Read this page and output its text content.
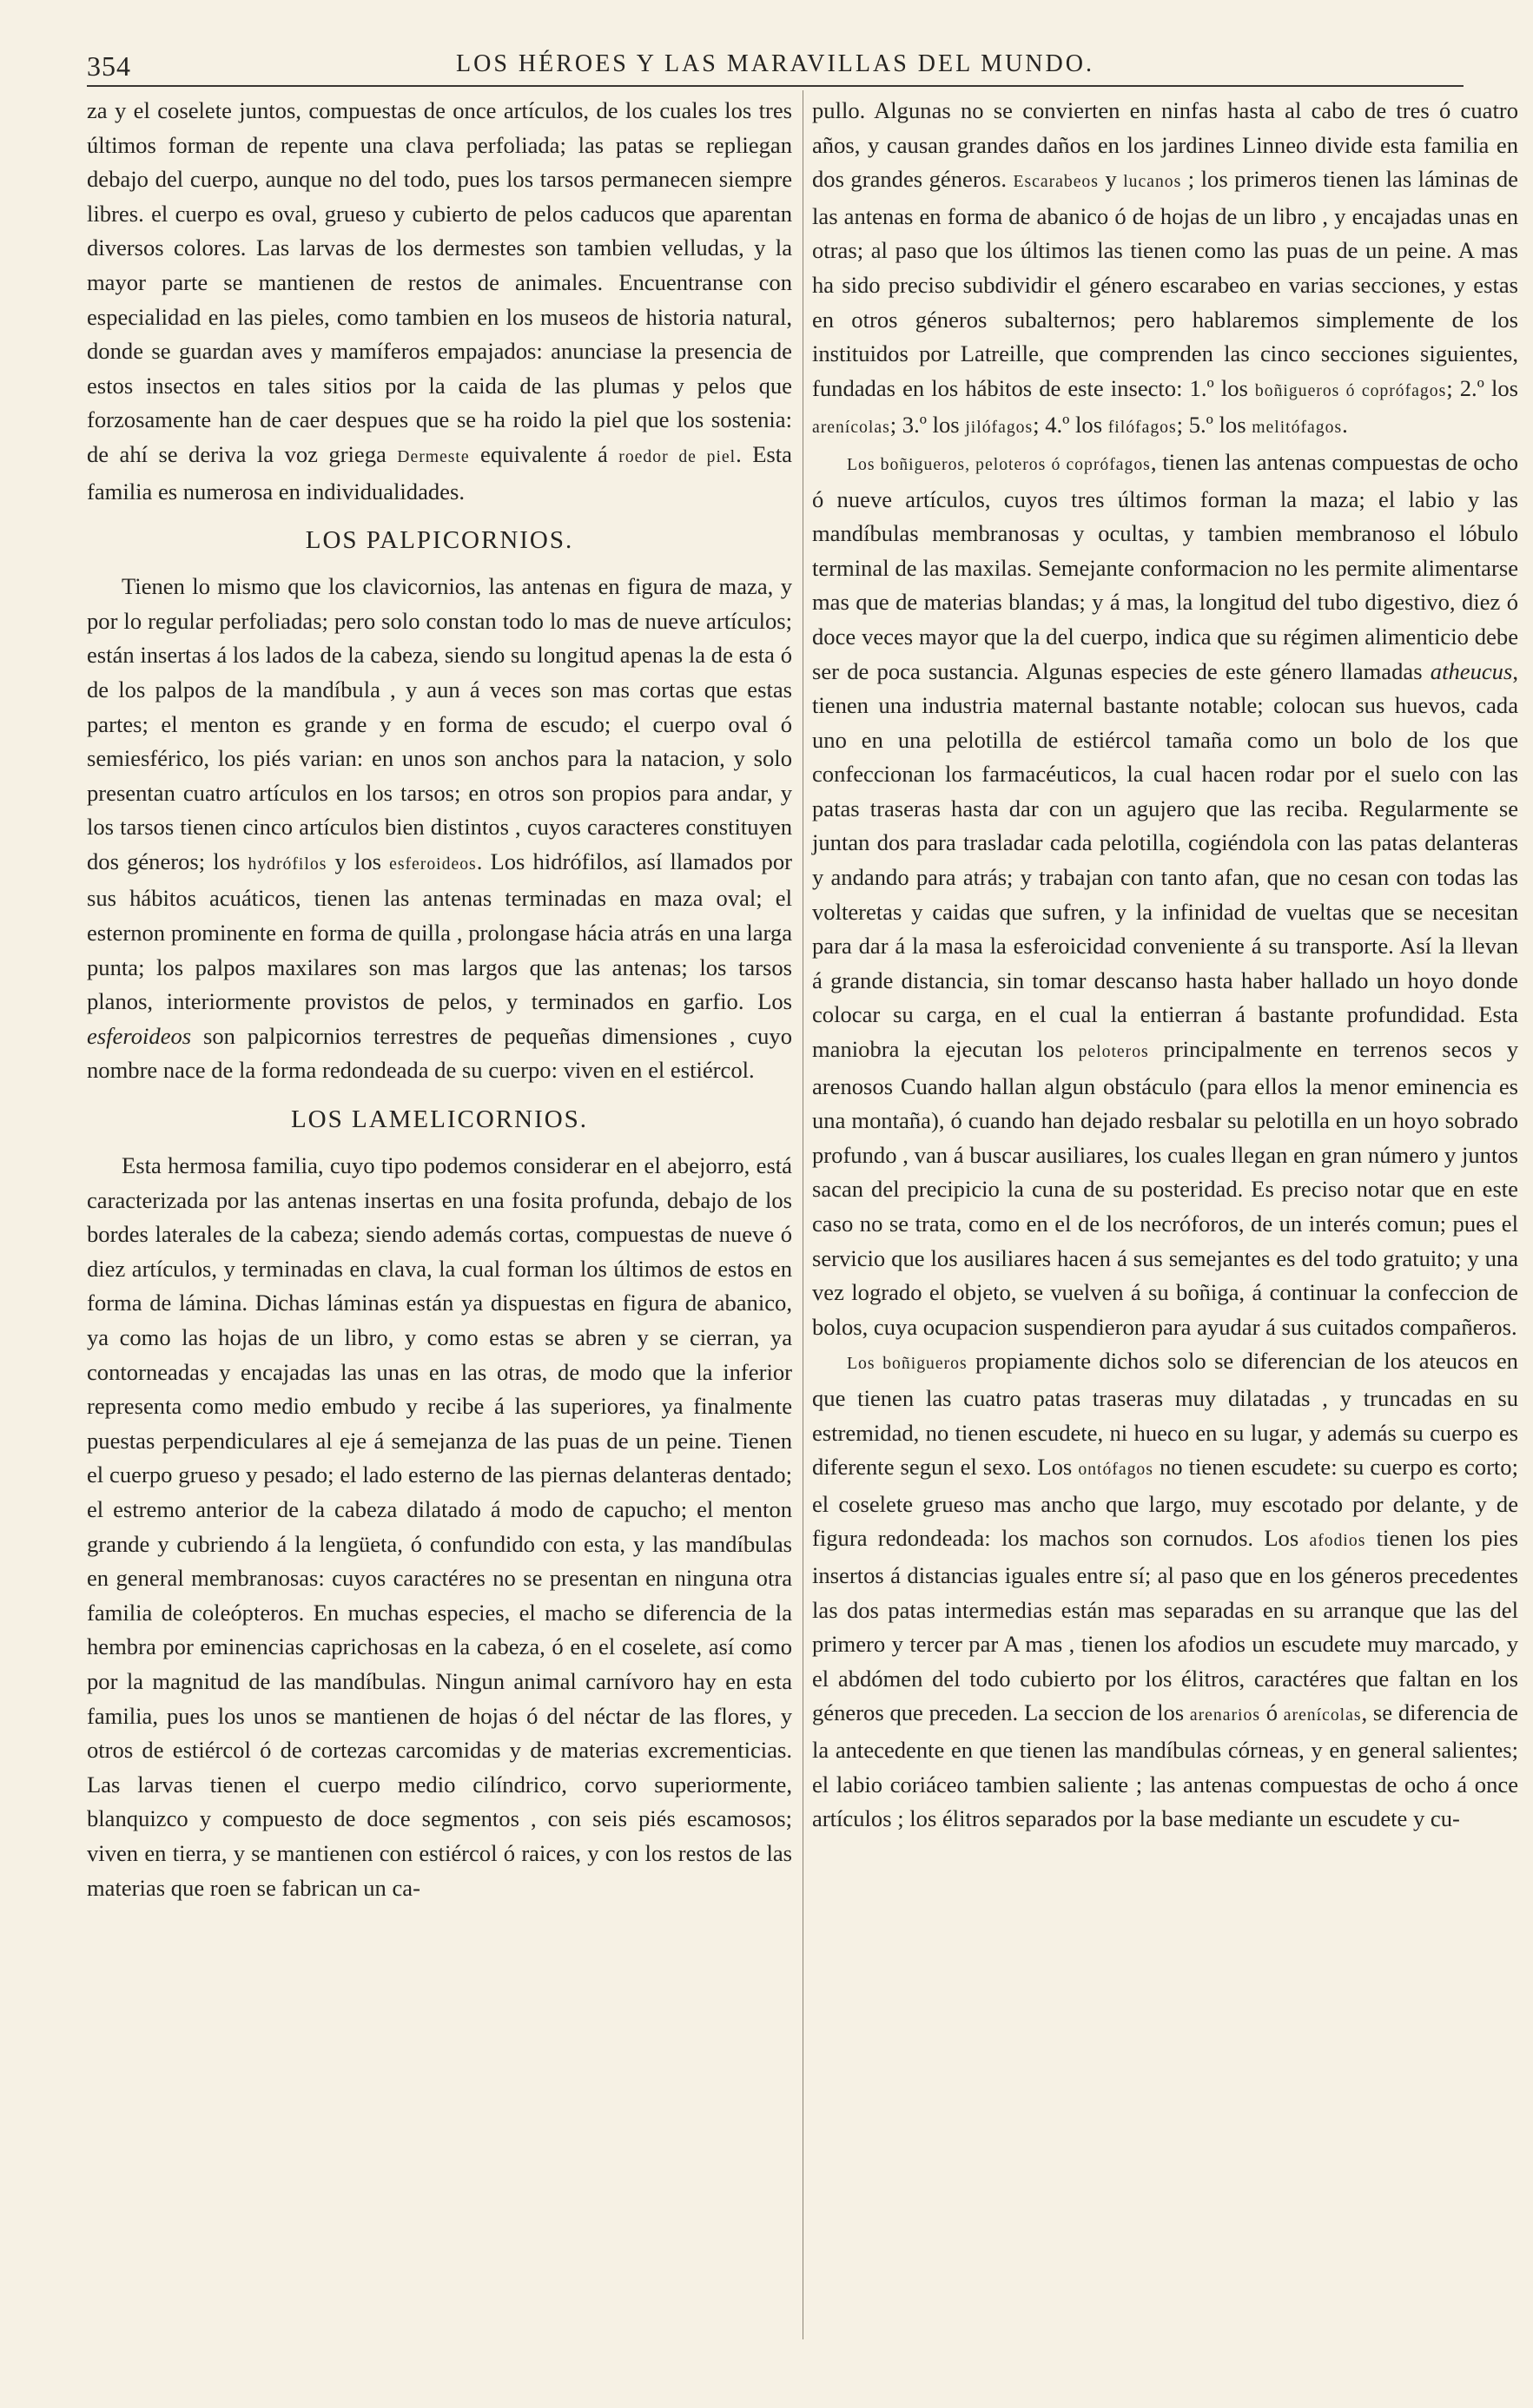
354	LOS HÉROES Y LAS MARAVILLAS DEL MUNDO.

za y el coselete juntos, compuestas de once artículos, de los cuales los tres últimos forman de repente una clava perfoliada; las patas se repliegan debajo del cuerpo, aunque no del todo, pues los tarsos permanecen siempre libres. el cuerpo es oval, grueso y cubierto de pelos caducos que aparentan diversos colores. Las larvas de los dermestes son tambien velludas, y la mayor parte se mantienen de restos de animales. Encuentranse con especialidad en las pieles, como tambien en los museos de historia natural, donde se guardan aves y mamíferos empajados: anunciase la presencia de estos insectos en tales sitios por la caida de las plumas y pelos que forzosamente han de caer despues que se ha roido la piel que los sostenia: de ahí se deriva la voz griega Dermeste equivalente á roedor de piel. Esta familia es numerosa en individualidades.

LOS PALPICORNIOS.

Tienen lo mismo que los clavicornios, las antenas en figura de maza, y por lo regular perfoliadas; pero solo constan todo lo mas de nueve artículos; están insertas á los lados de la cabeza, siendo su longitud apenas la de esta ó de los palpos de la mandíbula , y aun á veces son mas cortas que estas partes; el menton es grande y en forma de escudo; el cuerpo oval ó semiesférico, los piés varian: en unos son anchos para la natacion, y solo presentan cuatro artículos en los tarsos; en otros son propios para andar, y los tarsos tienen cinco artículos bien distintos , cuyos caracteres constituyen dos géneros; los hydrófilos y los esferoideos. Los hidrófilos, así llamados por sus hábitos acuáticos, tienen las antenas terminadas en maza oval; el esternon prominente en forma de quilla , prolongase hácia atrás en una larga punta; los palpos maxilares son mas largos que las antenas; los tarsos planos, interiormente provistos de pelos, y terminados en garfio. Los esferoideos son palpicornios terrestres de pequeñas dimensiones , cuyo nombre nace de la forma redondeada de su cuerpo: viven en el estiércol.

LOS LAMELICORNIOS.

Esta hermosa familia, cuyo tipo podemos considerar en el abejorro, está caracterizada por las antenas insertas en una fosita profunda, debajo de los bordes laterales de la cabeza; siendo además cortas, compuestas de nueve ó diez artículos, y terminadas en clava, la cual forman los últimos de estos en forma de lámina. Dichas láminas están ya dispuestas en figura de abanico, ya como las hojas de un libro, y como estas se abren y se cierran, ya contorneadas y encajadas las unas en las otras, de modo que la inferior representa como medio embudo y recibe á las superiores, ya finalmente puestas perpendiculares al eje á semejanza de las puas de un peine. Tienen el cuerpo grueso y pesado; el lado esterno de las piernas delanteras dentado; el estremo anterior de la cabeza dilatado á modo de capucho; el menton grande y cubriendo á la lengüeta, ó confundido con esta, y las mandíbulas en general membranosas: cuyos caractéres no se presentan en ninguna otra familia de coleópteros. En muchas especies, el macho se diferencia de la hembra por eminencias caprichosas en la cabeza, ó en el coselete, así como por la magnitud de las mandíbulas. Ningun animal carnívoro hay en esta familia, pues los unos se mantienen de hojas ó del néctar de las flores, y otros de estiércol ó de cortezas carcomidas y de materias excrementicias. Las larvas tienen el cuerpo medio cilíndrico, corvo superiormente, blanquizco y compuesto de doce segmentos , con seis piés escamosos; viven en tierra, y se mantienen con estiércol ó raices, y con los restos de las materias que roen se fabrican un ca-

pullo. Algunas no se convierten en ninfas hasta al cabo de tres ó cuatro años, y causan grandes daños en los jardines Linneo divide esta familia en dos grandes géneros. Escarabeos y lucanos ; los primeros tienen las láminas de las antenas en forma de abanico ó de hojas de un libro , y encajadas unas en otras; al paso que los últimos las tienen como las puas de un peine. A mas ha sido preciso subdividir el género escarabeo en varias secciones, y estas en otros géneros subalternos; pero hablaremos simplemente de los instituidos por Latreille, que comprenden las cinco secciones siguientes, fundadas en los hábitos de este insecto: 1.º los boñigueros ó coprófagos; 2.º los arenícolas; 3.º los jilófagos; 4.º los filófagos; 5.º los melitófagos.

Los boñigueros, peloteros ó coprófagos, tienen las antenas compuestas de ocho ó nueve artículos, cuyos tres últimos forman la maza; el labio y las mandíbulas membranosas y ocultas, y tambien membranoso el lóbulo terminal de las maxilas. Semejante conformacion no les permite alimentarse mas que de materias blandas; y á mas, la longitud del tubo digestivo, diez ó doce veces mayor que la del cuerpo, indica que su régimen alimenticio debe ser de poca sustancia. Algunas especies de este género llamadas atheucus, tienen una industria maternal bastante notable; colocan sus huevos, cada uno en una pelotilla de estiércol tamaña como un bolo de los que confeccionan los farmacéuticos, la cual hacen rodar por el suelo con las patas traseras hasta dar con un agujero que las reciba. Regularmente se juntan dos para trasladar cada pelotilla, cogiéndola con las patas delanteras y andando para atrás; y trabajan con tanto afan, que no cesan con todas las volteretas y caidas que sufren, y la infinidad de vueltas que se necesitan para dar á la masa la esferoicidad conveniente á su transporte. Así la llevan á grande distancia, sin tomar descanso hasta haber hallado un hoyo donde colocar su carga, en el cual la entierran á bastante profundidad. Esta maniobra la ejecutan los peloteros principalmente en terrenos secos y arenosos Cuando hallan algun obstáculo (para ellos la menor eminencia es una montaña), ó cuando han dejado resbalar su pelotilla en un hoyo sobrado profundo , van á buscar ausiliares, los cuales llegan en gran número y juntos sacan del precipicio la cuna de su posteridad. Es preciso notar que en este caso no se trata, como en el de los necróforos, de un interés comun; pues el servicio que los ausiliares hacen á sus semejantes es del todo gratuito; y una vez logrado el objeto, se vuelven á su boñiga, á continuar la confeccion de bolos, cuya ocupacion suspendieron para ayudar á sus cuitados compañeros.

Los boñigueros propiamente dichos solo se diferencian de los ateucos en que tienen las cuatro patas traseras muy dilatadas , y truncadas en su estremidad, no tienen escudete, ni hueco en su lugar, y además su cuerpo es diferente segun el sexo. Los ontófagos no tienen escudete: su cuerpo es corto; el coselete grueso mas ancho que largo, muy escotado por delante, y de figura redondeada: los machos son cornudos. Los afodios tienen los pies insertos á distancias iguales entre sí; al paso que en los géneros precedentes las dos patas intermedias están mas separadas en su arranque que las del primero y tercer par A mas , tienen los afodios un escudete muy marcado, y el abdómen del todo cubierto por los élitros, caractéres que faltan en los géneros que preceden. La seccion de los arenarios ó arenícolas, se diferencia de la antecedente en que tienen las mandíbulas córneas, y en general salientes; el labio coriáceo tambien saliente ; las antenas compuestas de ocho á once artículos ; los élitros separados por la base mediante un escudete y cu-
